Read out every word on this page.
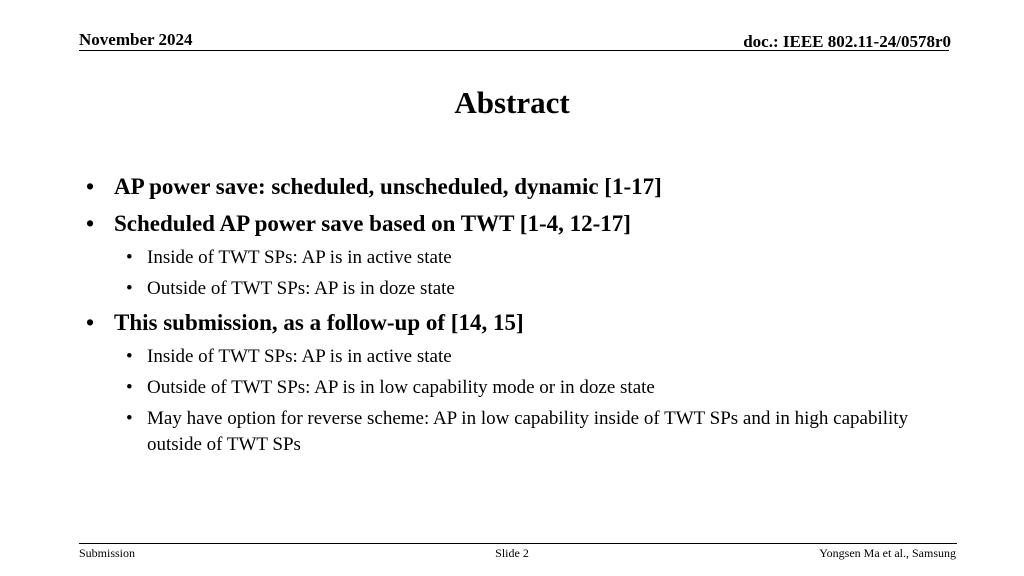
November 2024	doc.: IEEE 802.11-24/0578r0
Abstract
• AP power save: scheduled, unscheduled, dynamic [1-17]
• Scheduled AP power save based on TWT [1-4, 12-17]
• Inside of TWT SPs: AP is in active state
• Outside of TWT SPs: AP is in doze state
• This submission, as a follow-up of [14, 15]
• Inside of TWT SPs: AP is in active state
• Outside of TWT SPs: AP is in low capability mode or in doze state
• May have option for reverse scheme: AP in low capability inside of TWT SPs and in high capability outside of TWT SPs
Submission	Slide 2	Yongsen Ma et al., Samsung
